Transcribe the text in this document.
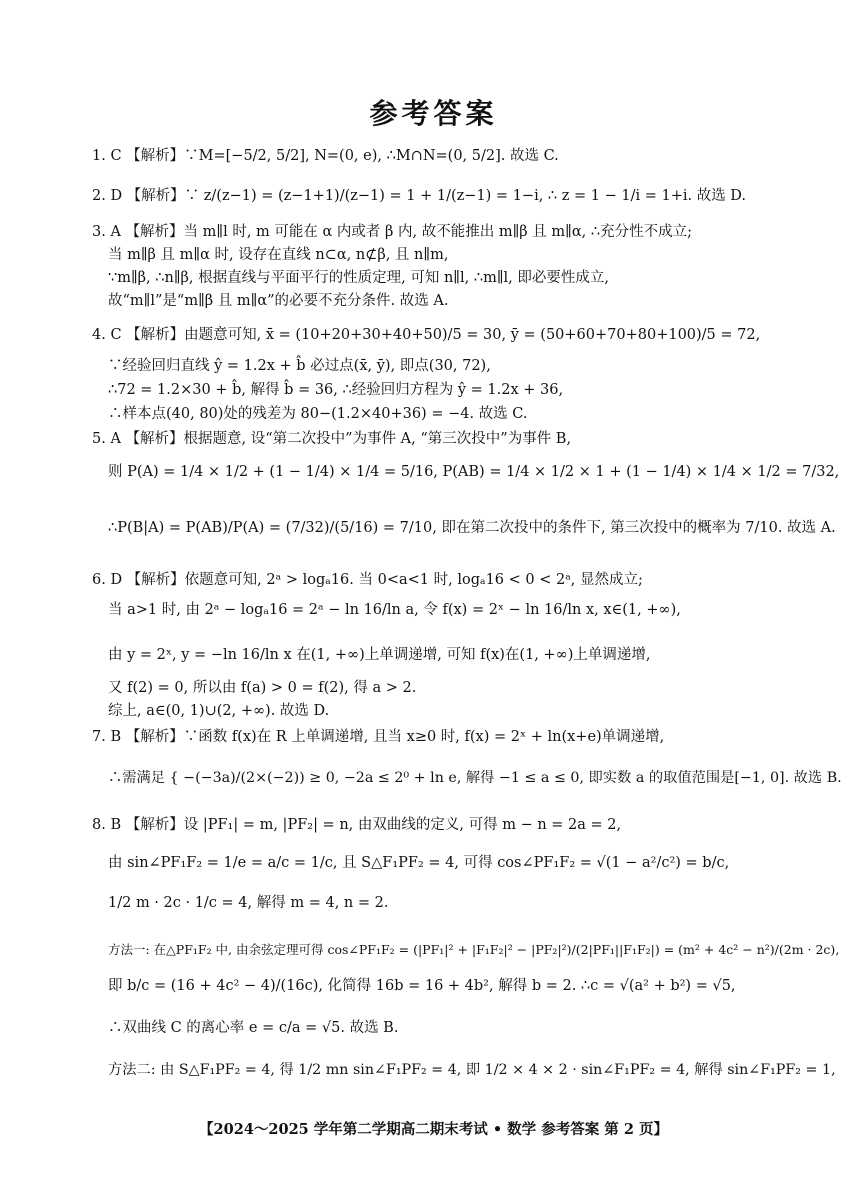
参考答案
1. C 【解析】∵M=[−5/2, 5/2], N=(0, e), ∴M∩N=(0, 5/2]. 故选 C.
2. D 【解析】∵ z/(z−1) = (z−1+1)/(z−1) = 1 + 1/(z−1) = 1−i, ∴ z = 1 − 1/i = 1+i. 故选 D.
3. A 【解析】当 m∥l 时, m 可能在 α 内或者 β 内, 故不能推出 m∥β 且 m∥α, ∴充分性不成立;
当 m∥β 且 m∥α 时, 设存在直线 n⊂α, n⊄β, 且 n∥m,
∵m∥β, ∴n∥β, 根据直线与平面平行的性质定理, 可知 n∥l, ∴m∥l, 即必要性成立,
故“m∥l”是“m∥β 且 m∥α”的必要不充分条件. 故选 A.
4. C 【解析】由题意可知, x̄ = (10+20+30+40+50)/5 = 30, ȳ = (50+60+70+80+100)/5 = 72,
∵经验回归直线 ŷ = 1.2x + b̂ 必过点(x̄, ȳ), 即点(30, 72),
∴72 = 1.2×30 + b̂, 解得 b̂ = 36, ∴经验回归方程为 ŷ = 1.2x + 36,
∴样本点(40, 80)处的残差为 80−(1.2×40+36) = −4. 故选 C.
5. A 【解析】根据题意, 设“第二次投中”为事件 A, “第三次投中”为事件 B,
则 P(A) = 1/4 × 1/2 + (1 − 1/4) × 1/4 = 5/16, P(AB) = 1/4 × 1/2 × 1 + (1 − 1/4) × 1/4 × 1/2 = 7/32,
∴P(B|A) = P(AB)/P(A) = (7/32)/(5/16) = 7/10, 即在第二次投中的条件下, 第三次投中的概率为 7/10. 故选 A.
6. D 【解析】依题意可知, 2ᵃ > logₐ16. 当 0<a<1 时, logₐ16 < 0 < 2ᵃ, 显然成立;
当 a>1 时, 由 2ᵃ − logₐ16 = 2ᵃ − ln 16/ln a, 令 f(x) = 2ˣ − ln 16/ln x, x∈(1, +∞),
由 y = 2ˣ, y = −ln 16/ln x 在(1, +∞)上单调递增, 可知 f(x)在(1, +∞)上单调递增,
又 f(2) = 0, 所以由 f(a) > 0 = f(2), 得 a > 2.
综上, a∈(0, 1)∪(2, +∞). 故选 D.
7. B 【解析】∵函数 f(x)在 R 上单调递增, 且当 x≥0 时, f(x) = 2ˣ + ln(x+e)单调递增,
∴需满足 { −(−3a)/(2×(−2)) ≥ 0, −2a ≤ 2⁰ + ln e, 解得 −1 ≤ a ≤ 0, 即实数 a 的取值范围是[−1, 0]. 故选 B.
8. B 【解析】设 |PF₁| = m, |PF₂| = n, 由双曲线的定义, 可得 m − n = 2a = 2,
由 sin∠PF₁F₂ = 1/e = a/c = 1/c, 且 S△F₁PF₂ = 4, 可得 cos∠PF₁F₂ = √(1 − a²/c²) = b/c,
1/2 m · 2c · 1/c = 4, 解得 m = 4, n = 2.
方法一: 在△PF₁F₂ 中, 由余弦定理可得 cos∠PF₁F₂ = (|PF₁|² + |F₁F₂|² − |PF₂|²)/(2|PF₁||F₁F₂|) = (m² + 4c² − n²)/(2m · 2c),
即 b/c = (16 + 4c² − 4)/(16c), 化简得 16b = 16 + 4b², 解得 b = 2. ∴c = √(a² + b²) = √5,
∴双曲线 C 的离心率 e = c/a = √5. 故选 B.
方法二: 由 S△F₁PF₂ = 4, 得 1/2 mn sin∠F₁PF₂ = 4, 即 1/2 × 4 × 2 · sin∠F₁PF₂ = 4, 解得 sin∠F₁PF₂ = 1,
【2024～2025 学年第二学期高二期末考试 • 数学 参考答案 第 2 页】
